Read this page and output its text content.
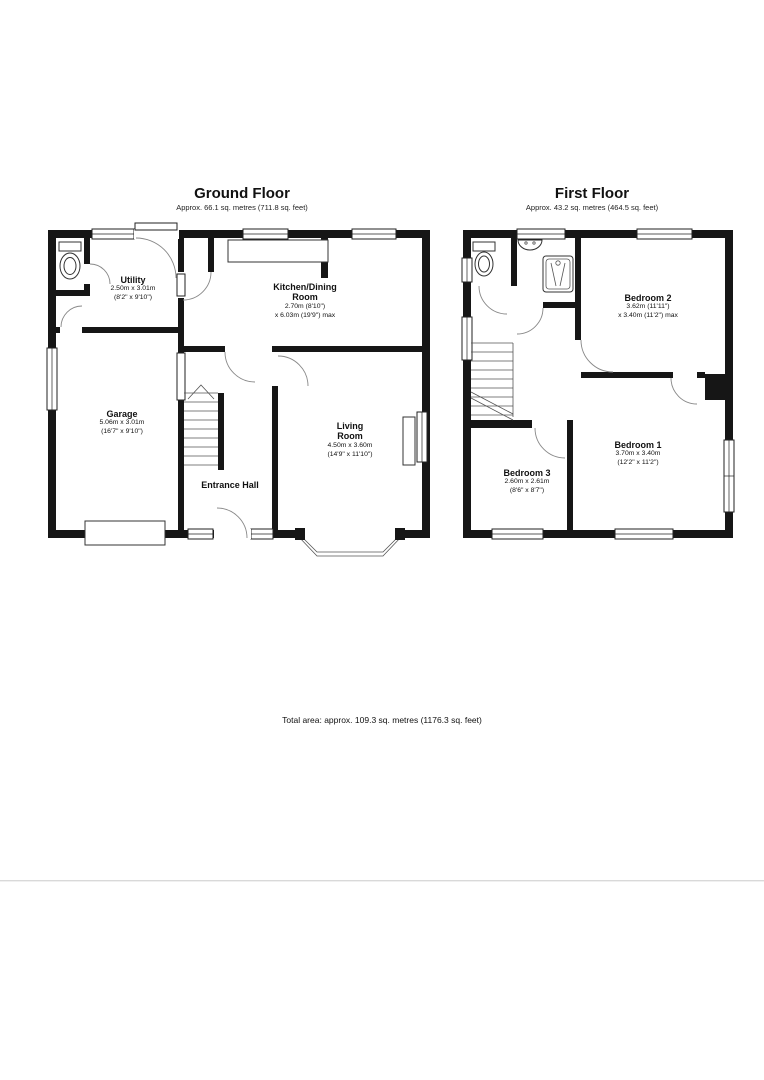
Ground Floor
Approx. 66.1 sq. metres (711.8 sq. feet)
First Floor
Approx. 43.2 sq. metres (464.5 sq. feet)
Utility
2.50m x 3.01m
(8'2" x 9'10")
Kitchen/Dining Room
2.70m (8'10")
x 6.03m (19'9") max
Garage
5.06m x 3.01m
(16'7" x 9'10")
Living Room
4.50m x 3.60m
(14'9" x 11'10")
Entrance Hall
Bedroom 2
3.62m (11'11")
x 3.40m (11'2") max
Bedroom 1
3.70m x 3.40m
(12'2" x 11'2")
Bedroom 3
2.60m x 2.61m
(8'6" x 8'7")
Total area: approx. 109.3 sq. metres (1176.3 sq. feet)
